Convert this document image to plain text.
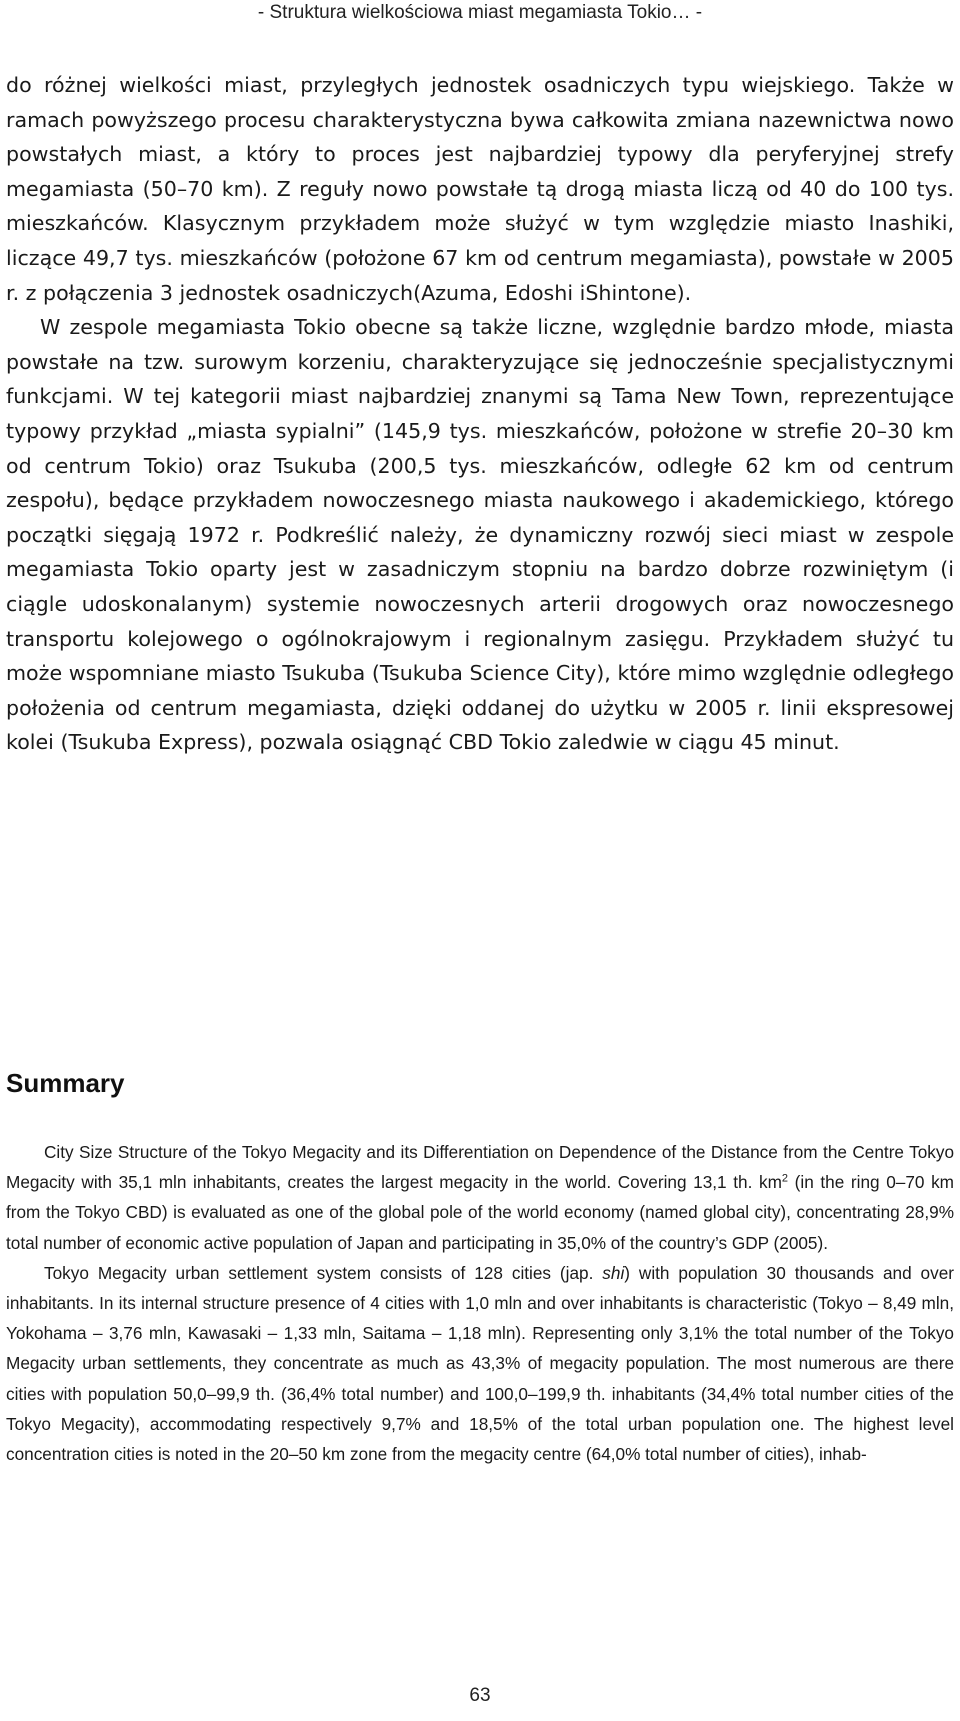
- Struktura wielkościowa miast megamiasta Tokio… -

do różnej wielkości miast, przyległych jednostek osadniczych typu wiejskiego. Także w ramach powyższego procesu charakterystyczna bywa całkowita zmiana nazewnictwa nowo powstałych miast, a który to proces jest najbardziej typowy dla peryferyjnej strefy megamiasta (50–70 km). Z reguły nowo powstałe tą drogą miasta liczą od 40 do 100 tys. mieszkańców. Klasycznym przykładem może służyć w tym względzie miasto Inashiki, liczące 49,7 tys. mieszkańców (położone 67 km od centrum megamiasta), powstałe w 2005 r. z połączenia 3 jednostek osadniczych(Azuma, Edoshi iShintone).

W zespole megamiasta Tokio obecne są także liczne, względnie bardzo młode, miasta powstałe na tzw. surowym korzeniu, charakteryzujące się jednocześnie specjalistycznymi funkcjami. W tej kategorii miast najbardziej znanymi są Tama New Town, reprezentujące typowy przykład „miasta sypialni” (145,9 tys. mieszkańców, położone w strefie 20–30 km od centrum Tokio) oraz Tsukuba (200,5 tys. mieszkańców, odległe 62 km od centrum zespołu), będące przykładem nowoczesnego miasta naukowego i akademickiego, którego początki sięgają 1972 r. Podkreślić należy, że dynamiczny rozwój sieci miast w zespole megamiasta Tokio oparty jest w zasadniczym stopniu na bardzo dobrze rozwiniętym (i ciągle udoskonalanym) systemie nowoczesnych arterii drogowych oraz nowoczesnego transportu kolejowego o ogólnokrajowym i regionalnym zasięgu. Przykładem służyć tu może wspomniane miasto Tsukuba (Tsukuba Science City), które mimo względnie odległego położenia od centrum megamiasta, dzięki oddanej do użytku w 2005 r. linii ekspresowej kolei (Tsukuba Express), pozwala osiągnąć CBD Tokio zaledwie w ciągu 45 minut.

Summary

City Size Structure of the Tokyo Megacity and its Differentiation on Dependence of the Distance from the Centre Tokyo Megacity with 35,1 mln inhabitants, creates the largest megacity in the world. Covering 13,1 th. $km^2$ (in the ring 0–70 km from the Tokyo CBD) is evaluated as one of the global pole of the world economy (named global city), concentrating 28,9% total number of economic active population of Japan and participating in 35,0% of the country’s GDP (2005).

Tokyo Megacity urban settlement system consists of 128 cities (jap. shi) with population 30 thousands and over inhabitants. In its internal structure presence of 4 cities with 1,0 mln and over inhabitants is characteristic (Tokyo – 8,49 mln, Yokohama – 3,76 mln, Kawasaki – 1,33 mln, Saitama – 1,18 mln). Representing only 3,1% the total number of the Tokyo Megacity urban settlements, they concentrate as much as 43,3% of megacity population. The most numerous are there cities with population 50,0–99,9 th. (36,4% total number) and 100,0–199,9 th. inhabitants (34,4% total number cities of the Tokyo Megacity), accommodating respectively 9,7% and 18,5% of the total urban population one. The highest level concentration cities is noted in the 20–50 km zone from the megacity centre (64,0% total number of cities), inhab-

63
